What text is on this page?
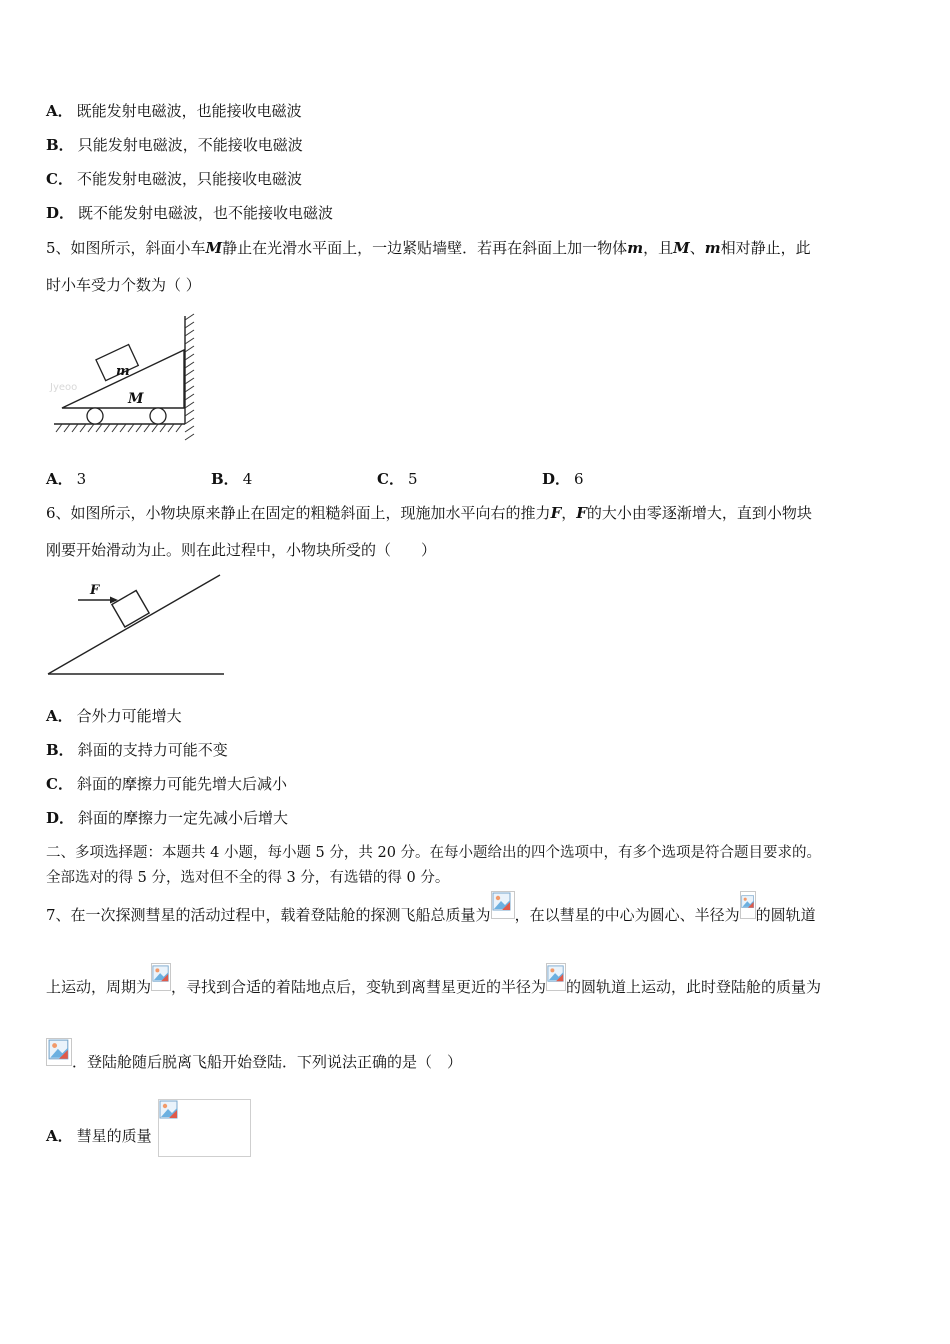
A． 既能发射电磁波，也能接收电磁波
B． 只能发射电磁波，不能接收电磁波
C． 不能发射电磁波，只能接收电磁波
D． 既不能发射电磁波，也不能接收电磁波
5、如图所示，斜面小车M静止在光滑水平面上，一边紧贴墙壁．若再在斜面上加一物体m，且M、m相对静止，此
时小车受力个数为（ ）
m
M
Jyeoo
A． 3	B． 4	C． 5	D． 6
6、如图所示，小物块原来静止在固定的粗糙斜面上，现施加水平向右的推力F，F的大小由零逐渐增大，直到小物块
刚要开始滑动为止。则在此过程中，小物块所受的（　　）
F
A． 合外力可能增大
B． 斜面的支持力可能不变
C． 斜面的摩擦力可能先增大后减小
D． 斜面的摩擦力一定先减小后增大
二、多项选择题：本题共 4 小题，每小题 5 分，共 20 分。在每小题给出的四个选项中，有多个选项是符合题目要求的。
全部选对的得 5 分，选对但不全的得 3 分，有选错的得 0 分。
7、在一次探测彗星的活动过程中，载着登陆舱的探测飞船总质量为 ，在以彗星的中心为圆心、半径为 的圆轨道
上运动，周期为 ，寻找到合适的着陆地点后，变轨到离彗星更近的半径为 的圆轨道上运动，此时登陆舱的质量为
．登陆舱随后脱离飞船开始登陆．下列说法正确的是（　）
A． 彗星的质量
